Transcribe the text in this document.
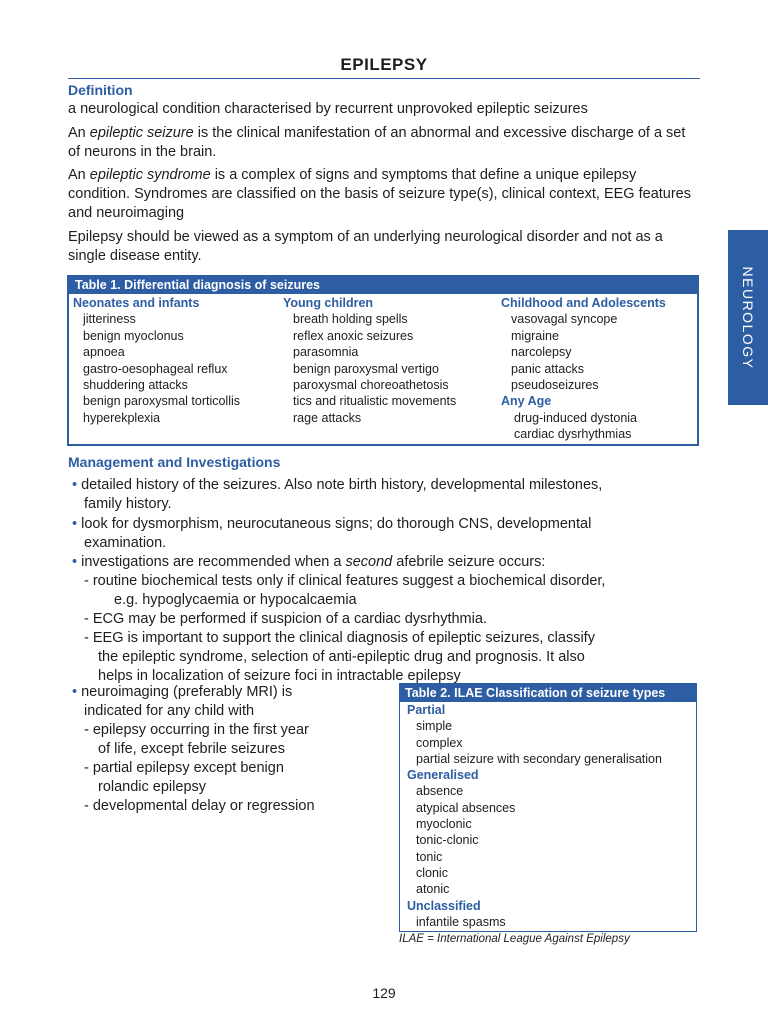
EPILEPSY
NEUROLOGY
Definition
a neurological condition characterised by recurrent unprovoked epileptic seizures
An epileptic seizure is the clinical manifestation of an abnormal and excessive discharge of a set of neurons in the brain.
An epileptic syndrome is a complex of signs and symptoms that define a unique epilepsy condition. Syndromes are classified on the basis of seizure type(s), clinical context, EEG features and neuroimaging
Epilepsy should be viewed as a symptom of an underlying neurological disorder and not as a single disease entity.
Table 1. Differential diagnosis of seizures
Neonates and infants
jitteriness
benign myoclonus
apnoea
gastro-oesophageal reflux
shuddering attacks
benign paroxysmal torticollis
hyperekplexia
Young children
breath holding spells
reflex anoxic seizures
parasomnia
benign paroxysmal vertigo
paroxysmal choreoathetosis
tics and ritualistic movements
rage attacks
Childhood and Adolescents
vasovagal syncope
migraine
narcolepsy
panic attacks
pseudoseizures
Any Age
drug-induced dystonia
cardiac dysrhythmias
Management and Investigations
• detailed history of the seizures. Also note birth history, developmental milestones,
family history.
• look for dysmorphism, neurocutaneous signs; do thorough CNS, developmental
examination.
• investigations are recommended when a second afebrile seizure occurs:
- routine biochemical tests only if clinical features suggest a biochemical disorder,
e.g. hypoglycaemia or hypocalcaemia
- ECG may be performed if suspicion of a cardiac dysrhythmia.
- EEG is important to support the clinical diagnosis of epileptic seizures, classify
the epileptic syndrome, selection of anti-epileptic drug and prognosis. It also
helps in localization of seizure foci in intractable epilepsy
• neuroimaging (preferably MRI) is
indicated for any child with
- epilepsy occurring in the first year
of life, except febrile seizures
- partial epilepsy except benign
rolandic epilepsy
- developmental delay or regression
Table 2. ILAE Classification of seizure types
Partial
simple
complex
partial seizure with secondary generalisation
Generalised
absence
atypical absences
myoclonic
tonic-clonic
tonic
clonic
atonic
Unclassified
infantile spasms
ILAE = International League Against Epilepsy
129
